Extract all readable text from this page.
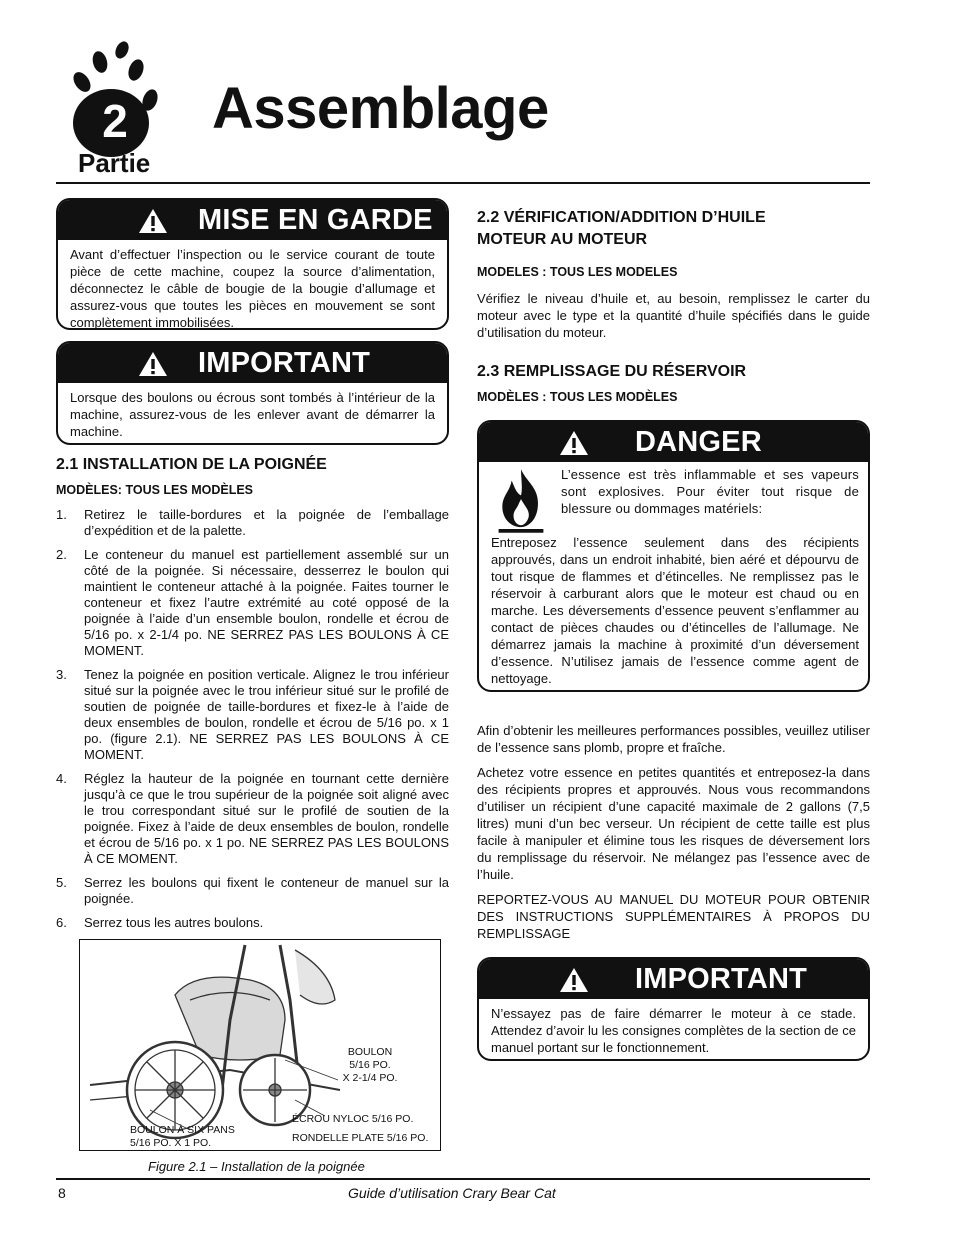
2
Partie
Assemblage
MISE EN GARDE
Avant d’effectuer l’inspection ou le service courant de toute pièce de cette machine, coupez la source d’alimentation, déconnectez le câble de bougie de la bougie d’allumage et assurez-vous que toutes les pièces en mouvement se sont complètement immobilisées.
IMPORTANT
Lorsque des boulons ou écrous sont tombés à l’intérieur de la machine, assurez-vous de les enlever avant de démarrer la machine.
2.1 INSTALLATION DE LA POIGNÉE
MODÈLES: TOUS LES MODÈLES
1. Retirez le taille-bordures et la poignée de l’emballage d’expédition et de la palette.
2. Le conteneur du manuel est partiellement assemblé sur un côté de la poignée. Si nécessaire, desserrez le boulon qui maintient le conteneur attaché à la poignée. Faites tourner le conteneur et fixez l’autre extrémité au coté opposé de la poignée à l’aide d’un ensemble boulon, rondelle et écrou de 5/16 po. x 2-1/4 po. NE SERREZ PAS LES BOULONS À CE MOMENT.
3. Tenez la poignée en position verticale. Alignez le trou inférieur situé sur la poignée avec le trou inférieur situé sur le profilé de soutien de poignée de taille-bordures et fixez-le à l’aide de deux ensembles de boulon, rondelle et écrou de 5/16 po. x 1 po. (figure 2.1). NE SERREZ PAS LES BOULONS À CE MOMENT.
4. Réglez la hauteur de la poignée en tournant cette dernière jusqu’à ce que le trou supérieur de la poignée soit aligné avec le trou correspondant situé sur le profilé de soutien de la poignée. Fixez à l’aide de deux ensembles de boulon, rondelle et écrou de 5/16 po. x 1 po. NE SERREZ PAS LES BOULONS À CE MOMENT.
5. Serrez les boulons qui fixent le conteneur de manuel sur la poignée.
6. Serrez tous les autres boulons.
BOULON
5/16 PO.
X 2-1/4 PO.
ÉCROU NYLOC 5/16 PO.
RONDELLE PLATE 5/16 PO.
BOULON À SIX PANS
5/16 PO. X 1 PO.
Figure 2.1 – Installation de la poignée
2.2 VÉRIFICATION/ADDITION D’HUILE
MOTEUR AU MOTEUR
MODELES : TOUS LES MODELES
Vérifiez le niveau d’huile et, au besoin, remplissez le carter du moteur avec le type et la quantité d’huile spécifiés dans le guide d’utilisation du moteur.
2.3 REMPLISSAGE DU RÉSERVOIR
MODÈLES : TOUS LES MODÈLES
DANGER
L’essence est très inflammable et ses vapeurs sont explosives. Pour éviter tout risque de blessure ou dommages matériels:
Entreposez l’essence seulement dans des récipients approuvés, dans un endroit inhabité, bien aéré et dépourvu de tout risque de flammes et d’étincelles. Ne remplissez pas le réservoir à carburant alors que le moteur est chaud ou en marche. Les déversements d’essence peuvent s’enflammer au contact de pièces chaudes ou d’étincelles de l’allumage. Ne démarrez jamais la machine à proximité d’un déversement d’essence. N’utilisez jamais de l’essence comme agent de nettoyage.
Afin d’obtenir les meilleures performances possibles, veuillez utiliser de l’essence sans plomb, propre et fraîche.
Achetez votre essence en petites quantités et entreposez-la dans des récipients propres et approuvés. Nous vous recommandons d’utiliser un récipient d’une capacité maximale de 2 gallons (7,5 litres) muni d’un bec verseur. Un récipient de cette taille est plus facile à manipuler et élimine tous les risques de déversement lors du remplissage du réservoir. Ne mélangez pas l’essence avec de l’huile.
REPORTEZ-VOUS AU MANUEL DU MOTEUR POUR OBTENIR DES INSTRUCTIONS SUPPLÉMENTAIRES À PROPOS DU REMPLISSAGE
IMPORTANT
N’essayez pas de faire démarrer le moteur à ce stade. Attendez d’avoir lu les consignes complètes de la section de ce manuel portant sur le fonctionnement.
8	Guide d’utilisation Crary Bear Cat
